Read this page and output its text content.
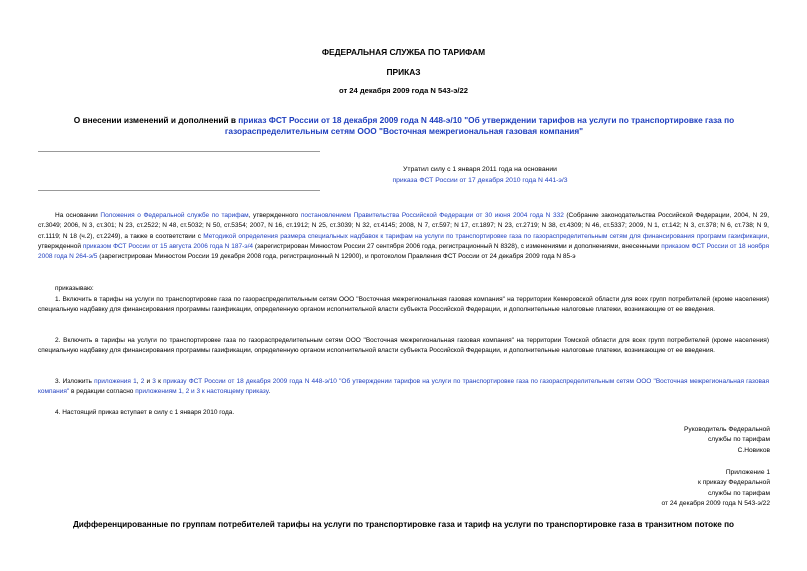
ФЕДЕРАЛЬНАЯ СЛУЖБА ПО ТАРИФАМ
ПРИКАЗ
от 24 декабря 2009 года N 543-э/22
О внесении изменений и дополнений в приказ ФСТ России от 18 декабря 2009 года N 448-э/10 "Об утверждении тарифов на услуги по транспортировке газа по газораспределительным сетям ООО "Восточная межрегиональная газовая компания"
Утратил силу с 1 января 2011 года на основании
приказа ФСТ России от 17 декабря 2010 года N 441-э/3
На основании Положения о Федеральной службе по тарифам, утвержденного постановлением Правительства Российской Федерации от 30 июня 2004 года N 332 (Собрание законодательства Российской Федерации, 2004, N 29, ст.3049; 2006, N 3, ст.301; N 23, ст.2522; N 48, ст.5032; N 50, ст.5354; 2007, N 16, ст.1912; N 25, ст.3039; N 32, ст.4145; 2008, N 7, ст.597; N 17, ст.1897; N 23, ст.2719; N 38, ст.4309; N 46, ст.5337; 2009, N 1, ст.142; N 3, ст.378; N 6, ст.738; N 9, ст.1119; N 18 (ч.2), ст.2249), а также в соответствии с Методикой определения размера специальных надбавок к тарифам на услуги по транспортировке газа по газораспределительным сетям для финансирования программ газификации, утвержденной приказом ФСТ России от 15 августа 2006 года N 187-э/4 (зарегистрирован Минюстом России 27 сентября 2006 года, регистрационный N 8328), с изменениями и дополнениями, внесенными приказом ФСТ России от 18 ноября 2008 года N 264-э/5 (зарегистрирован Минюстом России 19 декабря 2008 года, регистрационный N 12900), и протоколом Правления ФСТ России от 24 декабря 2009 года N 85-э
приказываю:
1. Включить в тарифы на услуги по транспортировке газа по газораспределительным сетям ООО "Восточная межрегиональная газовая компания" на территории Кемеровской области для всех групп потребителей (кроме населения) специальную надбавку для финансирования программы газификации, определенную органом исполнительной власти субъекта Российской Федерации, и дополнительные налоговые платежи, возникающие от ее введения.
2. Включить в тарифы на услуги по транспортировке газа по газораспределительным сетям ООО "Восточная межрегиональная газовая компания" на территории Томской области для всех групп потребителей (кроме населения) специальную надбавку для финансирования программы газификации, определенную органом исполнительной власти субъекта Российской Федерации, и дополнительные налоговые платежи, возникающие от ее введения.
3. Изложить приложения 1, 2 и 3 к приказу ФСТ России от 18 декабря 2009 года N 448-э/10 "Об утверждении тарифов на услуги по транспортировке газа по газораспределительным сетям ООО "Восточная межрегиональная газовая компания" в редакции согласно приложениям 1, 2 и 3 к настоящему приказу.
4. Настоящий приказ вступает в силу с 1 января 2010 года.
Руководитель Федеральной
службы по тарифам
С.Новиков
Приложение 1
к приказу Федеральной
службы по тарифам
от 24 декабря 2009 года N 543-э/22
Дифференцированные по группам потребителей тарифы на услуги по транспортировке газа и тариф на услуги по транспортировке газа в транзитном потоке по
